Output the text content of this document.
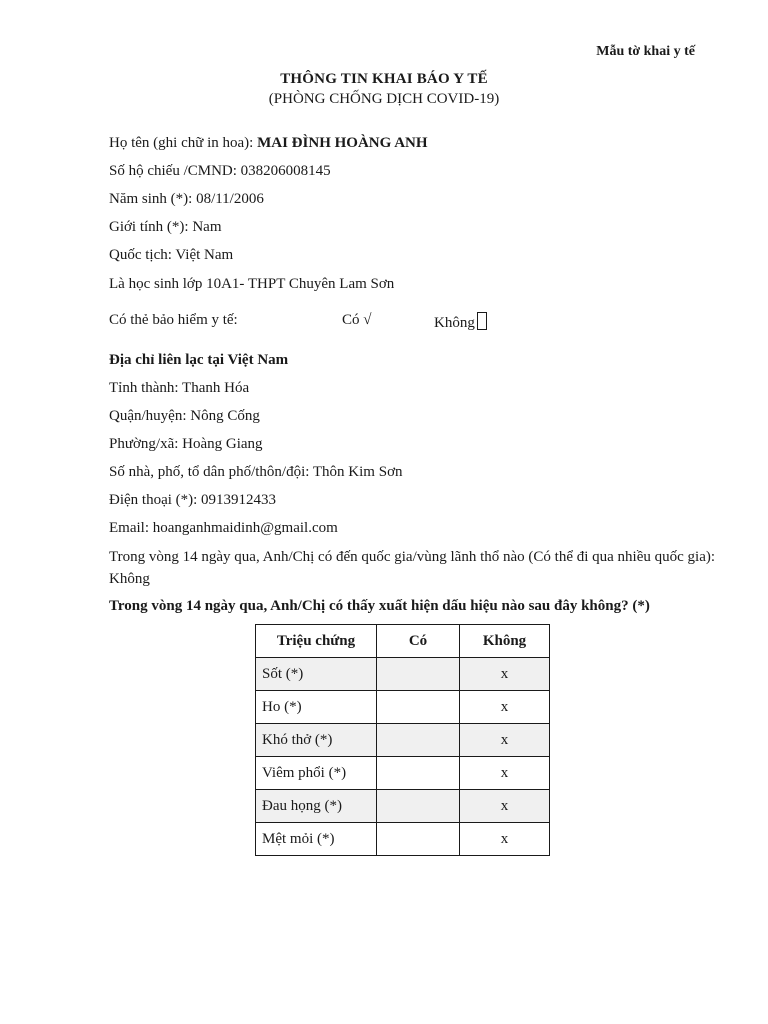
Mẫu tờ khai y tế
THÔNG TIN KHAI BÁO Y TẾ
(PHÒNG CHỐNG DỊCH COVID-19)
Họ tên (ghi chữ in hoa): MAI ĐÌNH HOÀNG ANH
Số hộ chiếu /CMND: 038206008145
Năm sinh (*): 08/11/2006
Giới tính (*): Nam
Quốc tịch: Việt Nam
Là học sinh lớp 10A1- THPT Chuyên Lam Sơn
Có thẻ bảo hiểm y tế:	Có √	Không
Địa chỉ liên lạc tại Việt Nam
Tỉnh thành: Thanh Hóa
Quận/huyện: Nông Cống
Phường/xã: Hoàng Giang
Số nhà, phố, tổ dân phố/thôn/đội: Thôn Kim Sơn
Điện thoại (*): 0913912433
Email: hoanganhmaidinh@gmail.com
Trong vòng 14 ngày qua, Anh/Chị có đến quốc gia/vùng lãnh thổ nào (Có thể đi qua nhiều quốc gia): Không
Trong vòng 14 ngày qua, Anh/Chị có thấy xuất hiện dấu hiệu nào sau đây không? (*)
Triệu chứng	Có	Không
Sốt (*)		x
Ho (*)		x
Khó thở (*)		x
Viêm phổi (*)		x
Đau họng (*)		x
Mệt mỏi (*)		x
